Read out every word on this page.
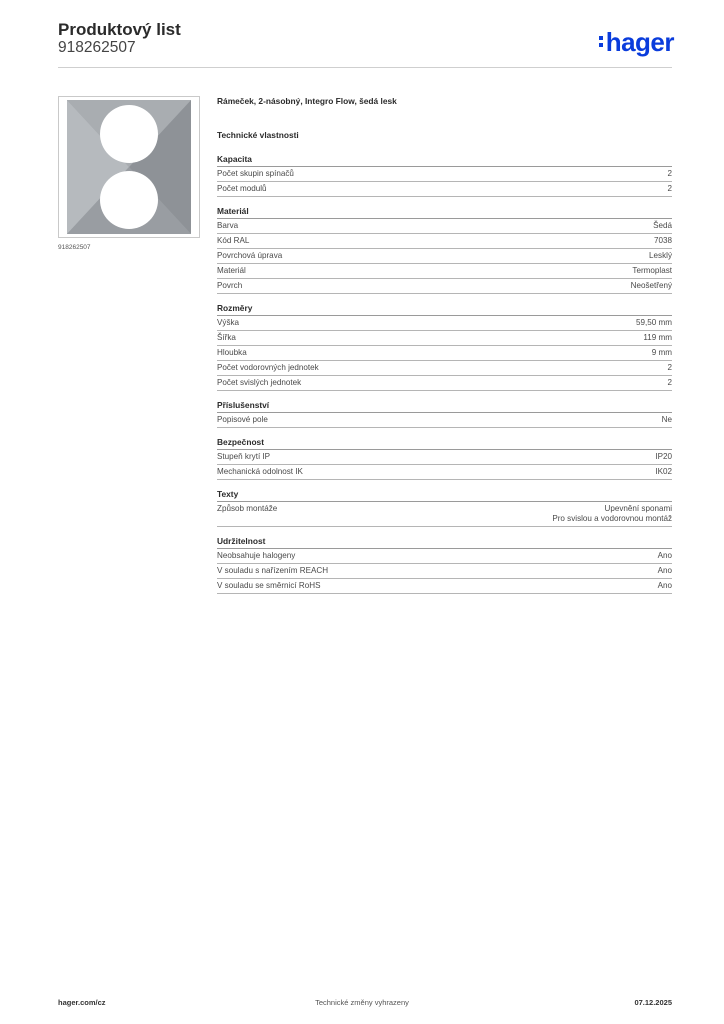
Produktový list
918262507	hager
918262507
Rámeček, 2-násobný, Integro Flow, šedá lesk
Technické vlastnosti
Kapacita
Počet skupin spínačů	2
Počet modulů	2
Materiál
Barva	Šedá
Kód RAL	7038
Povrchová úprava	Lesklý
Materiál	Termoplast
Povrch	Neošetřený
Rozměry
Výška	59,50 mm
Šířka	119 mm
Hloubka	9 mm
Počet vodorovných jednotek	2
Počet svislých jednotek	2
Příslušenství
Popisové pole	Ne
Bezpečnost
Stupeň krytí IP	IP20
Mechanická odolnost IK	IK02
Texty
Způsob montáže	Upevnění sponami
Pro svislou a vodorovnou montáž
Udržitelnost
Neobsahuje halogeny	Ano
V souladu s nařízením REACH	Ano
V souladu se směrnicí RoHS	Ano
hager.com/cz	Technické změny vyhrazeny	07.12.2025
